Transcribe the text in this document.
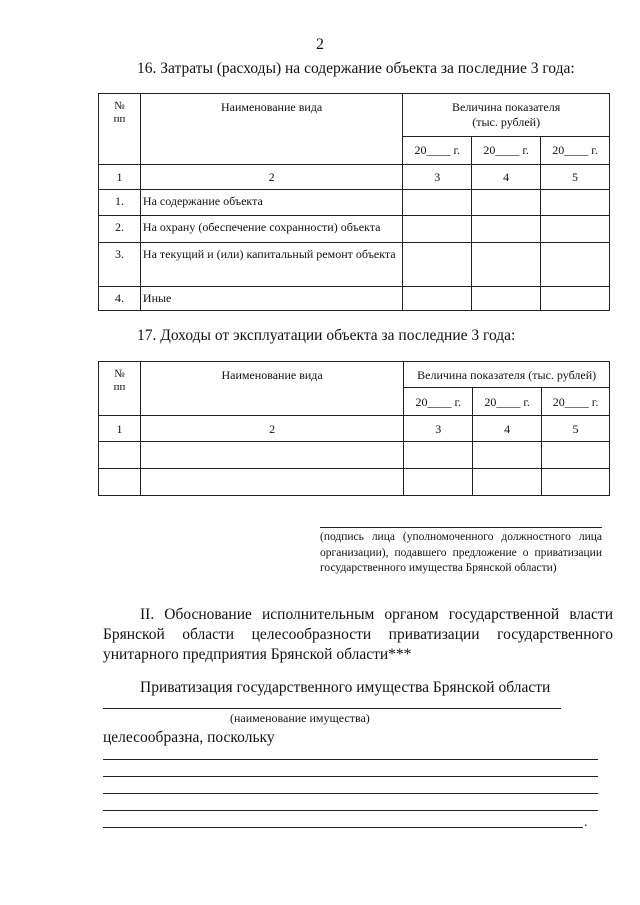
2
16. Затраты (расходы) на содержание объекта за последние 3 года:
№
пп	Наименование вида	Величина показателя
(тыс. рублей)		
		20____ г.	20____ г.	20____ г.
1	2	3	4	5
1.	На содержание объекта			
2.	На охрану (обеспечение сохранности) объекта			
3.	На текущий и (или) капитальный ремонт объекта			
4.	Иные			
17. Доходы от эксплуатации объекта за последние 3 года:
№
пп	Наименование вида	Величина показателя (тыс. рублей)		
		20____ г.	20____ г.	20____ г.
1	2	3	4	5

(подпись лица (уполномоченного должностного лица организации), подавшего предложение о приватизации государственного имущества Брянской области)
II. Обоснование исполнительным органом государственной власти Брянской области целесообразности приватизации государственного унитарного предприятия Брянской области***
Приватизация государственного имущества Брянской области
(наименование имущества)
целесообразна, поскольку
.
